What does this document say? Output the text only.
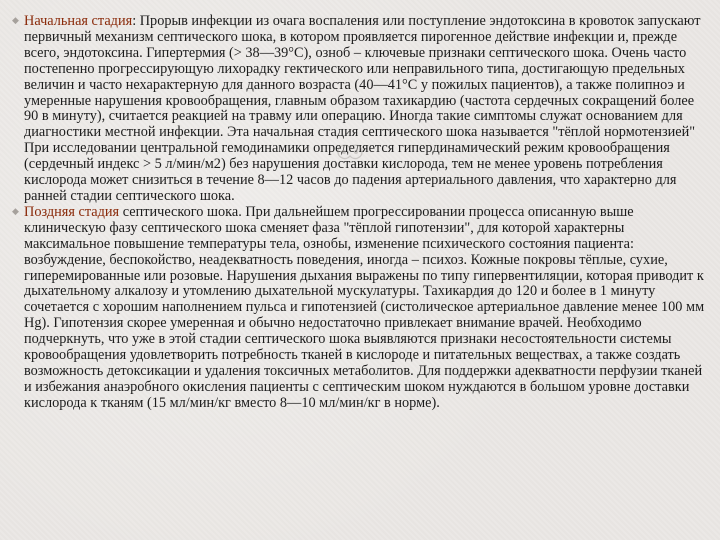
◆ Начальная стадия: Прорыв инфекции из очага воспаления или поступление эндотоксина в кровоток запускают первичный механизм септического шока, в котором проявляется пирогенное действие инфекции и, прежде всего, эндотоксина. Гипертермия (> 38—39°С), озноб – ключевые признаки септического шока. Очень часто постепенно прогрессирующую лихорадку гектического или неправильного типа, достигающую предельных величин и часто нехарактерную для данного возраста (40—41°С у пожилых пациентов), а также полипноэ и умеренные нарушения кровообращения, главным образом тахикардию (частота сердечных сокращений более 90 в минуту), считается реакцией на травму или операцию. Иногда такие симптомы служат основанием для диагностики местной инфекции. Эта начальная стадия септического шока называется "тёплой нормотензией" При исследовании центральной гемодинамики определяется гипердинамический режим кровообращения (сердечный индекс > 5 л/мин/м2) без нарушения доставки кислорода, тем не менее уровень потребления кислорода может снизиться в течение 8—12 часов до падения артериального давления, что характерно для ранней стадии септического шока.

◆ Поздняя стадия септического шока. При дальнейшем прогрессировании процесса описанную выше клиническую фазу септического шока сменяет фаза "тёплой гипотензии", для которой характерны максимальное повышение температуры тела, ознобы, изменение психического состояния пациента: возбуждение, беспокойство, неадекватность поведения, иногда – психоз. Кожные покровы тёплые, сухие, гиперемированные или розовые. Нарушения дыхания выражены по типу гипервентиляции, которая приводит к дыхательному алкалозу и утомлению дыхательной мускулатуры. Тахикардия до 120 и более в 1 минуту сочетается с хорошим наполнением пульса и гипотензией (систолическое артериальное давление менее 100 мм Hg). Гипотензия скорее умеренная и обычно недостаточно привлекает внимание врачей. Необходимо подчеркнуть, что уже в этой стадии септического шока выявляются признаки несостоятельности системы кровообращения удовлетворить потребность тканей в кислороде и питательных веществах, а также создать возможность детоксикации и удаления токсичных метаболитов. Для поддержки адекватности перфузии тканей и избежания анаэробного окисления пациенты с септическим шоком нуждаются в большом уровне доставки кислорода к тканям (15 мл/мин/кг вместо 8—10 мл/мин/кг в норме).
